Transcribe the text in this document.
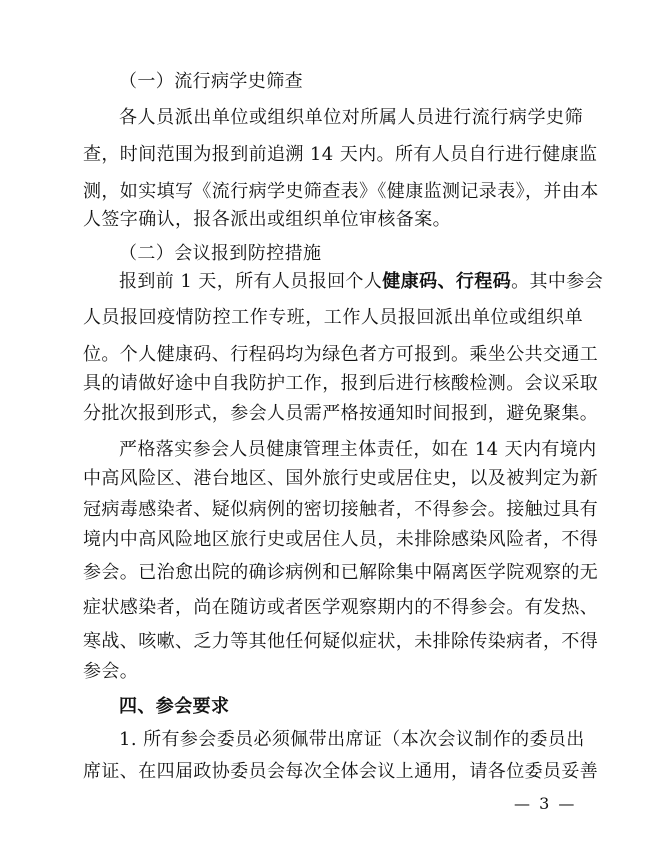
（一）流行病学史筛查
各人员派出单位或组织单位对所属人员进行流行病学史筛
查，时间范围为报到前追溯 14 天内。所有人员自行进行健康监
测，如实填写《流行病学史筛查表》《健康监测记录表》，并由本
人签字确认，报各派出或组织单位审核备案。
（二）会议报到防控措施
报到前 1 天，所有人员报回个人健康码、行程码。其中参会
人员报回疫情防控工作专班，工作人员报回派出单位或组织单
位。个人健康码、行程码均为绿色者方可报到。乘坐公共交通工
具的请做好途中自我防护工作，报到后进行核酸检测。会议采取
分批次报到形式，参会人员需严格按通知时间报到，避免聚集。
严格落实参会人员健康管理主体责任，如在 14 天内有境内
中高风险区、港台地区、国外旅行史或居住史，以及被判定为新
冠病毒感染者、疑似病例的密切接触者，不得参会。接触过具有
境内中高风险地区旅行史或居住人员，未排除感染风险者，不得
参会。已治愈出院的确诊病例和已解除集中隔离医学院观察的无
症状感染者，尚在随访或者医学观察期内的不得参会。有发热、
寒战、咳嗽、乏力等其他任何疑似症状，未排除传染病者，不得
参会。
四、参会要求
1. 所有参会委员必须佩带出席证（本次会议制作的委员出
席证、在四届政协委员会每次全体会议上通用，请各位委员妥善
— 3 —
